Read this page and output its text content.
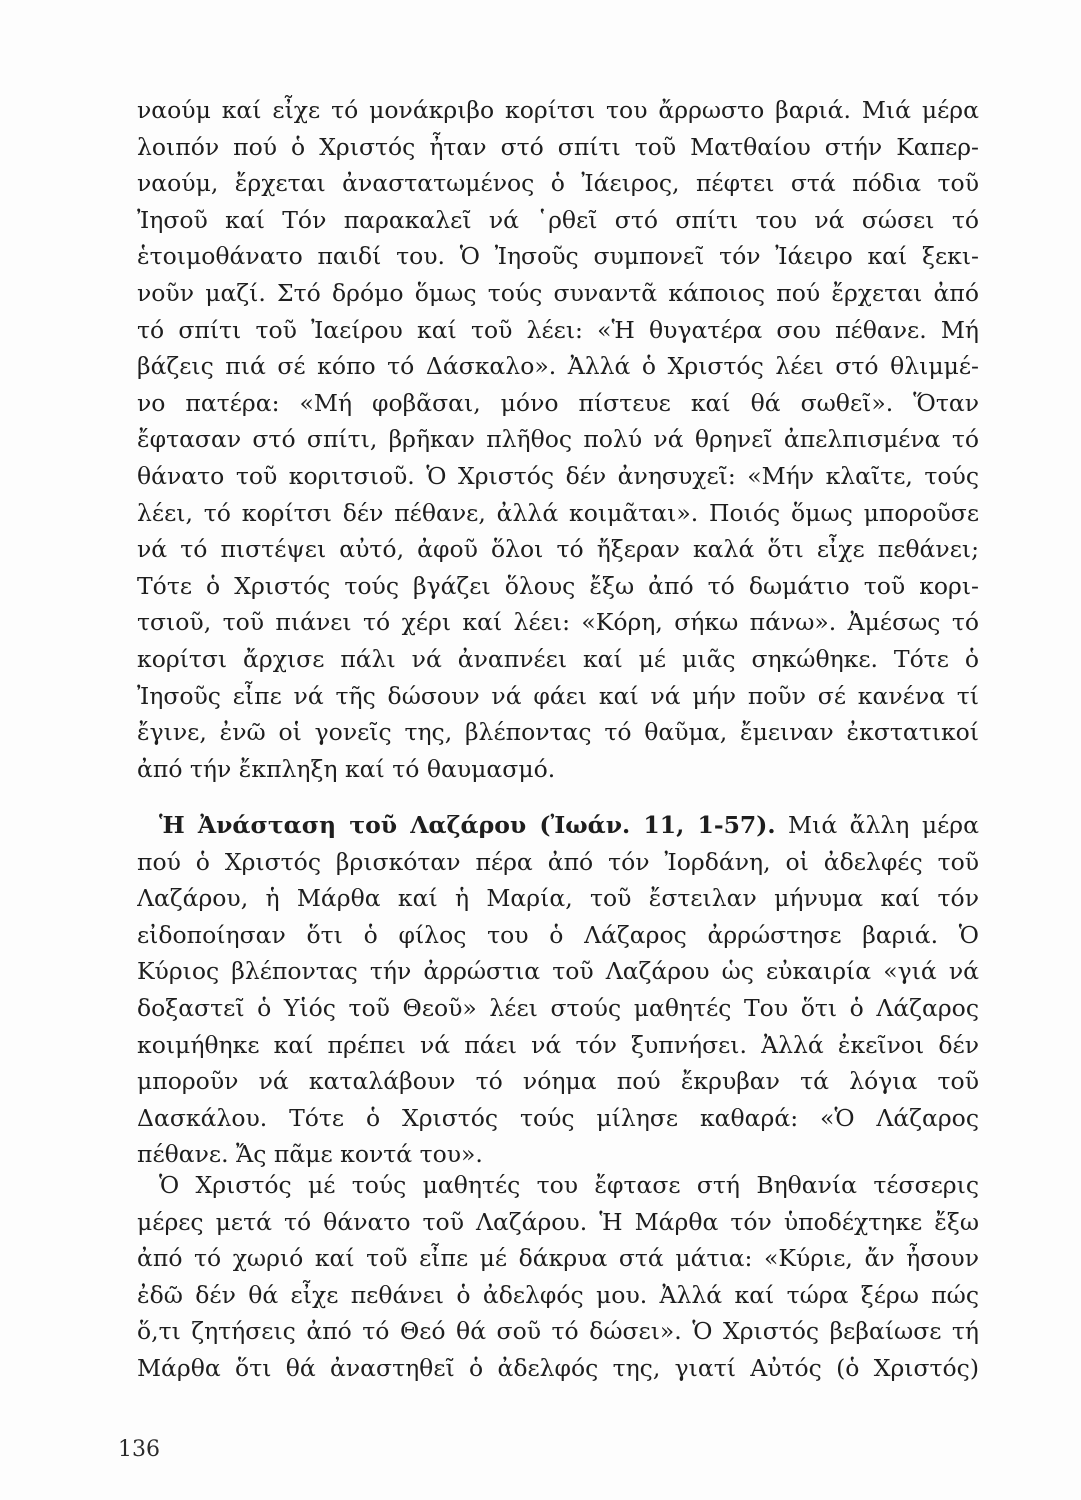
ναούμ καί εἶχε τό μονάκριβο κορίτσι του ἄρρωστο βαριά. Μιά μέρα
λοιπόν πού ὁ Χριστός ἦταν στό σπίτι τοῦ Ματθαίου στήν Καπερ-
ναούμ, ἔρχεται ἀναστατωμένος ὁ Ἰάειρος, πέφτει στά πόδια τοῦ
Ἰησοῦ καί Τόν παρακαλεῖ νά ῾ρθεῖ στό σπίτι του νά σώσει τό
ἑτοιμοθάνατο παιδί του. Ὁ Ἰησοῦς συμπονεῖ τόν Ἰάειρο καί ξεκι-
νοῦν μαζί. Στό δρόμο ὅμως τούς συναντᾶ κάποιος πού ἔρχεται ἀπό
τό σπίτι τοῦ Ἰαείρου καί τοῦ λέει: «Ἡ θυγατέρα σου πέθανε. Μή
βάζεις πιά σέ κόπο τό Δάσκαλο». Ἀλλά ὁ Χριστός λέει στό θλιμμέ-
νο πατέρα: «Μή φοβᾶσαι, μόνο πίστευε καί θά σωθεῖ». Ὅταν
ἔφτασαν στό σπίτι, βρῆκαν πλῆθος πολύ νά θρηνεῖ ἀπελπισμένα τό
θάνατο τοῦ κοριτσιοῦ. Ὁ Χριστός δέν ἀνησυχεῖ: «Μήν κλαῖτε, τούς
λέει, τό κορίτσι δέν πέθανε, ἀλλά κοιμᾶται». Ποιός ὅμως μποροῦσε
νά τό πιστέψει αὐτό, ἀφοῦ ὅλοι τό ἤξεραν καλά ὅτι εἶχε πεθάνει;
Τότε ὁ Χριστός τούς βγάζει ὅλους ἔξω ἀπό τό δωμάτιο τοῦ κορι-
τσιοῦ, τοῦ πιάνει τό χέρι καί λέει: «Κόρη, σήκω πάνω». Ἀμέσως τό
κορίτσι ἄρχισε πάλι νά ἀναπνέει καί μέ μιᾶς σηκώθηκε. Τότε ὁ
Ἰησοῦς εἶπε νά τῆς δώσουν νά φάει καί νά μήν ποῦν σέ κανένα τί
ἔγινε, ἐνῶ οἱ γονεῖς της, βλέποντας τό θαῦμα, ἔμειναν ἐκστατικοί
ἀπό τήν ἔκπληξη καί τό θαυμασμό.
Ἡ Ἀνάσταση τοῦ Λαζάρου (Ἰωάν. 11, 1-57). Μιά ἄλλη μέρα
πού ὁ Χριστός βρισκόταν πέρα ἀπό τόν Ἰορδάνη, οἱ ἀδελφές τοῦ
Λαζάρου, ἡ Μάρθα καί ἡ Μαρία, τοῦ ἔστειλαν μήνυμα καί τόν
εἰδοποίησαν ὅτι ὁ φίλος του ὁ Λάζαρος ἀρρώστησε βαριά. Ὁ
Κύριος βλέποντας τήν ἀρρώστια τοῦ Λαζάρου ὡς εὐκαιρία «γιά νά
δοξαστεῖ ὁ Υἱός τοῦ Θεοῦ» λέει στούς μαθητές Του ὅτι ὁ Λάζαρος
κοιμήθηκε καί πρέπει νά πάει νά τόν ξυπνήσει. Ἀλλά ἐκεῖνοι δέν
μποροῦν νά καταλάβουν τό νόημα πού ἔκρυβαν τά λόγια τοῦ
Δασκάλου. Τότε ὁ Χριστός τούς μίλησε καθαρά: «Ὁ Λάζαρος
πέθανε. Ἄς πᾶμε κοντά του».
Ὁ Χριστός μέ τούς μαθητές του ἔφτασε στή Βηθανία τέσσερις
μέρες μετά τό θάνατο τοῦ Λαζάρου. Ἡ Μάρθα τόν ὑποδέχτηκε ἔξω
ἀπό τό χωριό καί τοῦ εἶπε μέ δάκρυα στά μάτια: «Κύριε, ἄν ἦσουν
ἐδῶ δέν θά εἶχε πεθάνει ὁ ἀδελφός μου. Ἀλλά καί τώρα ξέρω πώς
ὅ,τι ζητήσεις ἀπό τό Θεό θά σοῦ τό δώσει». Ὁ Χριστός βεβαίωσε τή
Μάρθα ὅτι θά ἀναστηθεῖ ὁ ἀδελφός της, γιατί Αὐτός (ὁ Χριστός)
136
